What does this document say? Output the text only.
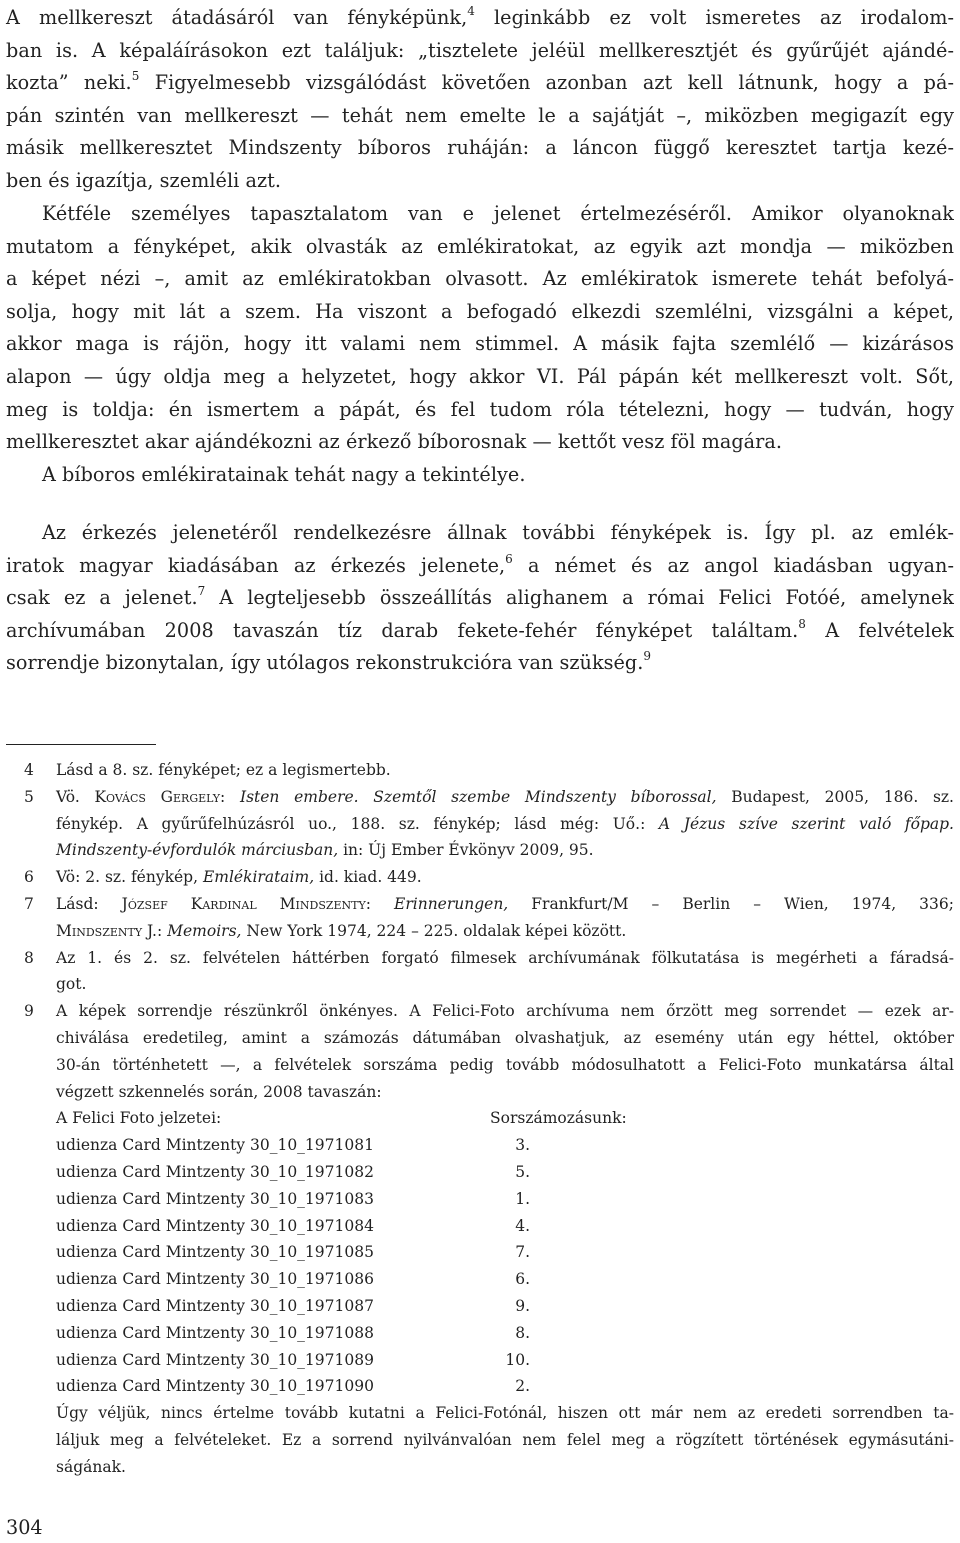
A mellkereszt átadásáról van fényképünk,$^4$ leginkább ez volt ismeretes az irodalom-
ban is. A képaláírásokon ezt találjuk: „tisztelete jeléül mellkeresztjét és gyűrűjét ajándé-
kozta” neki.$^5$ Figyelmesebb vizsgálódást követően azonban azt kell látnunk, hogy a pá-
pán szintén van mellkereszt — tehát nem emelte le a sajátját –, miközben megigazít egy
másik mellkeresztet Mindszenty bíboros ruháján: a láncon függő keresztet tartja kezé-
ben és igazítja, szemléli azt.
Kétféle személyes tapasztalatom van e jelenet értelmezéséről. Amikor olyanoknak
mutatom a fényképet, akik olvasták az emlékiratokat, az egyik azt mondja — miközben
a képet nézi –, amit az emlékiratokban olvasott. Az emlékiratok ismerete tehát befolyá-
solja, hogy mit lát a szem. Ha viszont a befogadó elkezdi szemlélni, vizsgálni a képet,
akkor maga is rájön, hogy itt valami nem stimmel. A másik fajta szemlélő — kizárásos
alapon — úgy oldja meg a helyzetet, hogy akkor VI. Pál pápán két mellkereszt volt. Sőt,
meg is toldja: én ismertem a pápát, és fel tudom róla tételezni, hogy — tudván, hogy
mellkeresztet akar ajándékozni az érkező bíborosnak — kettőt vesz föl magára.
A bíboros emlékiratainak tehát nagy a tekintélye.
Az érkezés jelenetéről rendelkezésre állnak további fényképek is. Így pl. az emlék-
iratok magyar kiadásában az érkezés jelenete,$^6$ a német és az angol kiadásban ugyan-
csak ez a jelenet.$^7$ A legteljesebb összeállítás alighanem a római Felici Fotóé, amelynek
archívumában 2008 tavaszán tíz darab fekete-fehér fényképet találtam.$^8$ A felvételek
sorrendje bizonytalan, így utólagos rekonstrukcióra van szükség.$^9$
4 Lásd a 8. sz. fényképet; ez a legismertebb.
5 Vö. Kovács Gergely: Isten embere. Szemtől szembe Mindszenty bíborossal, Budapest, 2005, 186. sz.
fénykép. A gyűrűfelhúzásról uo., 188. sz. fénykép; lásd még: Uő.: A Jézus szíve szerint való főpap.
Mindszenty-évfordulók márciusban, in: Új Ember Évkönyv 2009, 95.
6 Vö: 2. sz. fénykép, Emlékirataim, id. kiad. 449.
7 Lásd: József Kardinal Mindszenty: Erinnerungen, Frankfurt/M – Berlin – Wien, 1974, 336;
Mindszenty J.: Memoirs, New York 1974, 224 – 225. oldalak képei között.
8 Az 1. és 2. sz. felvételen háttérben forgató filmesek archívumának fölkutatása is megérheti a fáradsá-
got.
9 A képek sorrendje részünkről önkényes. A Felici-Foto archívuma nem őrzött meg sorrendet — ezek ar-
chiválása eredetileg, amint a számozás dátumában olvashatjuk, az esemény után egy héttel, október
30-án történhetett —, a felvételek sorszáma pedig tovább módosulhatott a Felici-Foto munkatársa által
végzett szkennelés során, 2008 tavaszán:
A Felici Foto jelzetei:	Sorszámozásunk:
udienza Card Mintzenty 30_10_1971081	3.
udienza Card Mintzenty 30_10_1971082	5.
udienza Card Mintzenty 30_10_1971083	1.
udienza Card Mintzenty 30_10_1971084	4.
udienza Card Mintzenty 30_10_1971085	7.
udienza Card Mintzenty 30_10_1971086	6.
udienza Card Mintzenty 30_10_1971087	9.
udienza Card Mintzenty 30_10_1971088	8.
udienza Card Mintzenty 30_10_1971089	10.
udienza Card Mintzenty 30_10_1971090	2.
Úgy véljük, nincs értelme tovább kutatni a Felici-Fotónál, hiszen ott már nem az eredeti sorrendben ta-
láljuk meg a felvételeket. Ez a sorrend nyilvánvalóan nem felel meg a rögzített történések egymásutáni-
ságának.
304
